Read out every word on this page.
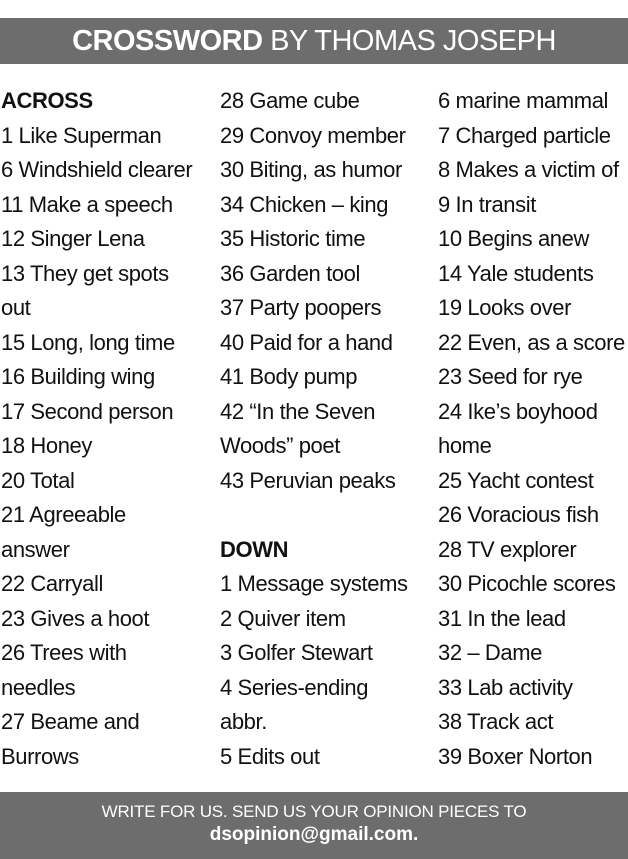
CROSSWORD BY THOMAS JOSEPH
ACROSS
1 Like Superman
6 Windshield clearer
11 Make a speech
12 Singer Lena
13 They get spots
out
15 Long, long time
16 Building wing
17 Second person
18 Honey
20 Total
21 Agreeable
answer
22 Carryall
23 Gives a hoot
26 Trees with
needles
27 Beame and
Burrows
28 Game cube
29 Convoy member
30 Biting, as humor
34 Chicken – king
35 Historic time
36 Garden tool
37 Party poopers
40 Paid for a hand
41 Body pump
42 “In the Seven
Woods” poet
43 Peruvian peaks
DOWN
1 Message systems
2 Quiver item
3 Golfer Stewart
4 Series-ending
abbr.
5 Edits out
6 marine mammal
7 Charged particle
8 Makes a victim of
9 In transit
10 Begins anew
14 Yale students
19 Looks over
22 Even, as a score
23 Seed for rye
24 Ike’s boyhood
home
25 Yacht contest
26 Voracious fish
28 TV explorer
30 Picochle scores
31 In the lead
32 – Dame
33 Lab activity
38 Track act
39 Boxer Norton
WRITE FOR US. SEND US YOUR OPINION PIECES TO
dsopinion@gmail.com.
